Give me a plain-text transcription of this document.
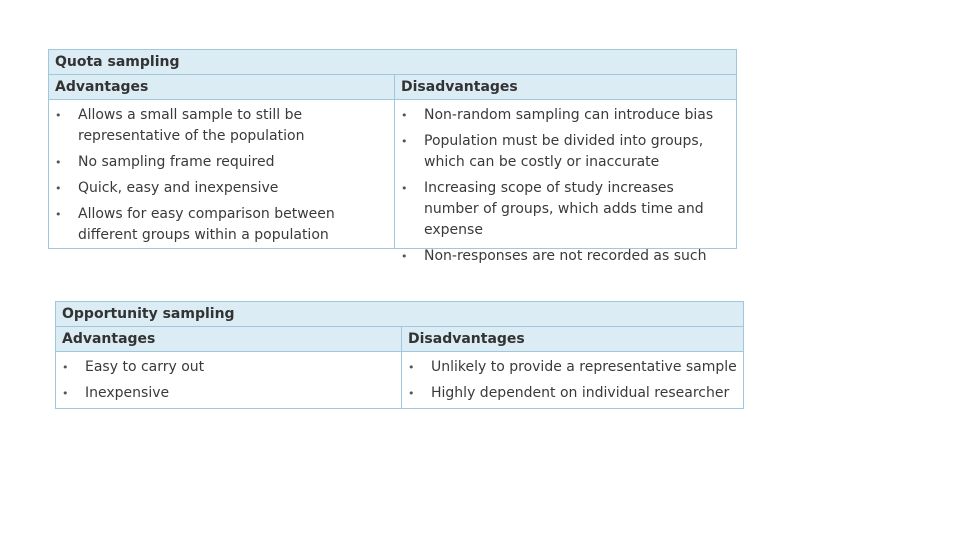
Quota sampling
Advantages	Disadvantages
• Allows a small sample to still be representative of the population
• No sampling frame required
• Quick, easy and inexpensive
• Allows for easy comparison between different groups within a population
• Non-random sampling can introduce bias
• Population must be divided into groups, which can be costly or inaccurate
• Increasing scope of study increases number of groups, which adds time and expense
• Non-responses are not recorded as such
Opportunity sampling
Advantages	Disadvantages
• Easy to carry out
• Inexpensive
• Unlikely to provide a representative sample
• Highly dependent on individual researcher
